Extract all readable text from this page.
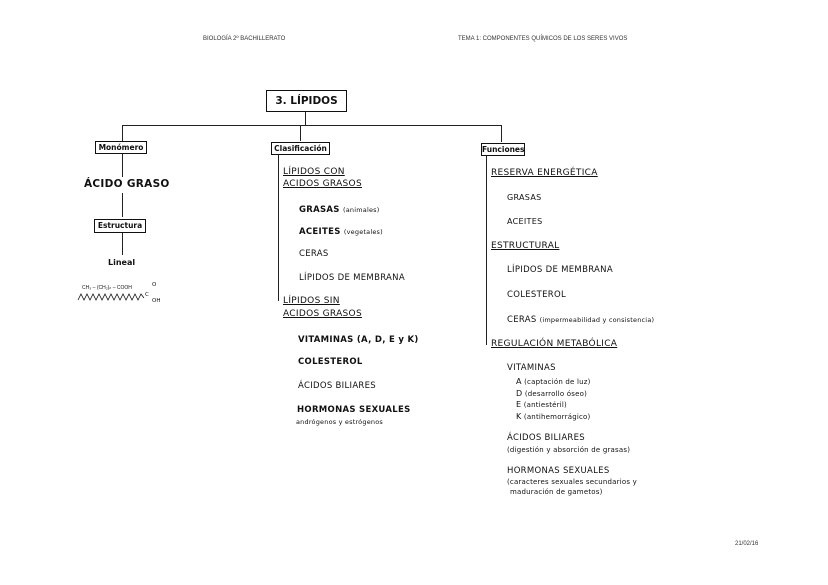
BIOLOGÍA 2º BACHILLERATO	TEMA 1: COMPONENTES QUÍMICOS DE LOS SERES VIVOS
3. LÍPIDOS
Monómero
ÁCIDO GRASO
Estructura
Lineal
CH₃ – (CH₂)ₙ – COOH	O
C
OH
Clasificación
LÍPIDOS CON
ACIDOS GRASOS
GRASAS (animales)
ACEITES (vegetales)
CERAS
LÍPIDOS DE MEMBRANA
LÍPIDOS SIN
ACIDOS GRASOS
VITAMINAS (A, D, E y K)
COLESTEROL
ÁCIDOS BILIARES
HORMONAS SEXUALES
andrógenos y estrógenos
Funciones
RESERVA ENERGÉTICA
GRASAS
ACEITES
ESTRUCTURAL
LÍPIDOS DE MEMBRANA
COLESTEROL
CERAS (impermeabilidad y consistencia)
REGULACIÓN METABÓLICA
VITAMINAS
A (captación de luz)
D (desarrollo óseo)
E (antiestéril)
K (antihemorrágico)
ÁCIDOS BILIARES
(digestión y absorción de grasas)
HORMONAS SEXUALES
(caracteres sexuales secundarios y
maduración de gametos)
21/02/16
